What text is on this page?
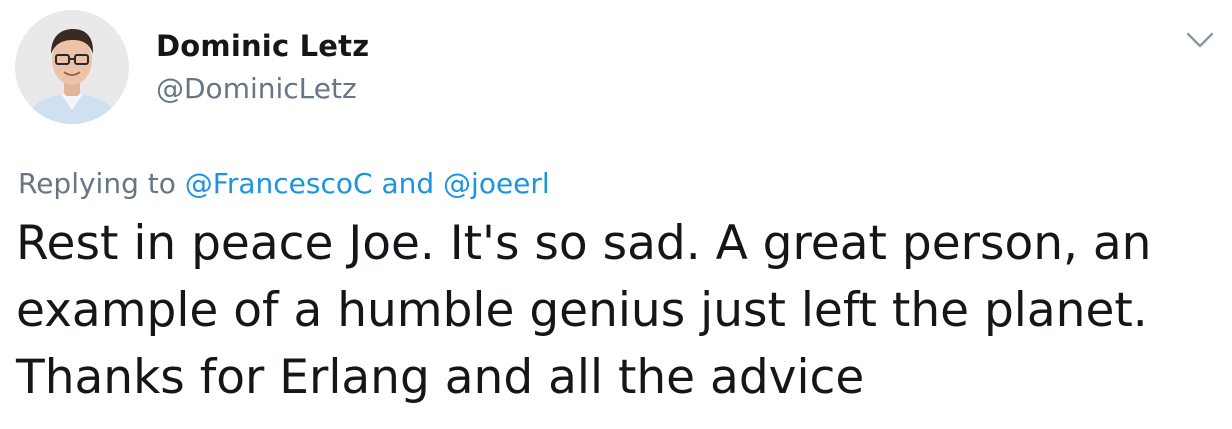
Dominic Letz
@DominicLetz
Replying to @FrancescoC and @joeerl
Rest in peace Joe. It's so sad. A great person, an
example of a humble genius just left the planet.
Thanks for Erlang and all the advice
